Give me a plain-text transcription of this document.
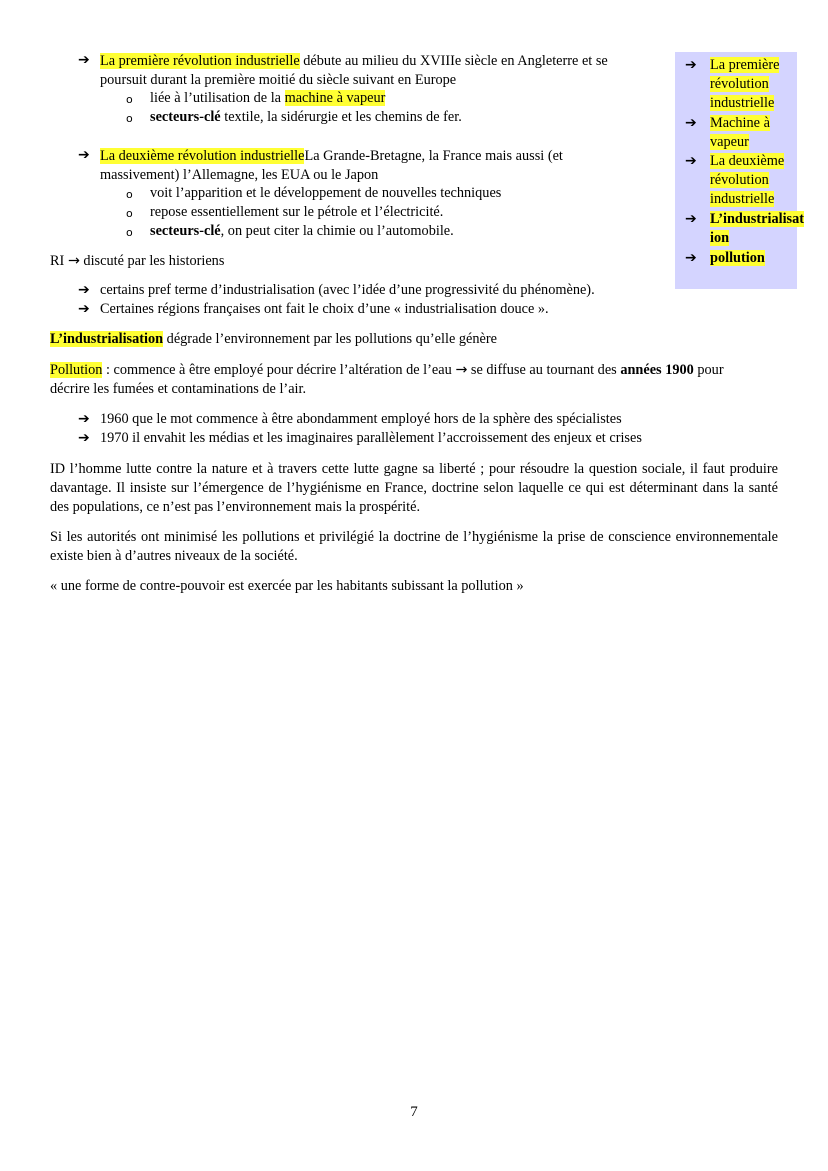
➔ La première révolution industrielle débute au milieu du XVIIIe siècle en Angleterre et se
poursuit durant la première moitié du siècle suivant en Europe
o liée à l’utilisation de la machine à vapeur
o secteurs-clé textile, la sidérurgie et les chemins de fer.
➔ La deuxième révolution industrielleLa Grande-Bretagne, la France mais aussi (et
massivement) l’Allemagne, les EUA ou le Japon
o voit l’apparition et le développement de nouvelles techniques
o repose essentiellement sur le pétrole et l’électricité.
o secteurs-clé, on peut citer la chimie ou l’automobile.
RI → discuté par les historiens
➔ certains pref terme d’industrialisation (avec l’idée d’une progressivité du phénomène).
➔ Certaines régions françaises ont fait le choix d’une « industrialisation douce ».
L’industrialisation dégrade l’environnement par les pollutions qu’elle génère
Pollution : commence à être employé pour décrire l’altération de l’eau → se diffuse au tournant des années 1900 pour
décrire les fumées et contaminations de l’air.
➔ 1960 que le mot commence à être abondamment employé hors de la sphère des spécialistes
➔ 1970 il envahit les médias et les imaginaires parallèlement l’accroissement des enjeux et crises
ID l’homme lutte contre la nature et à travers cette lutte gagne sa liberté ; pour résoudre la question sociale, il faut produire davantage. Il insiste sur l’émergence de l’hygiénisme en France, doctrine selon laquelle ce qui est déterminant dans la santé des populations, ce n’est pas l’environnement mais la prospérité.
Si les autorités ont minimisé les pollutions et privilégié la doctrine de l’hygiénisme la prise de conscience environnementale existe bien à d’autres niveaux de la société.
« une forme de contre-pouvoir est exercée par les habitants subissant la pollution »
➔ La première
révolution
industrielle
➔ Machine à
vapeur
➔ La deuxième
révolution
industrielle
➔ L’industrialisat
ion
➔ pollution
7
